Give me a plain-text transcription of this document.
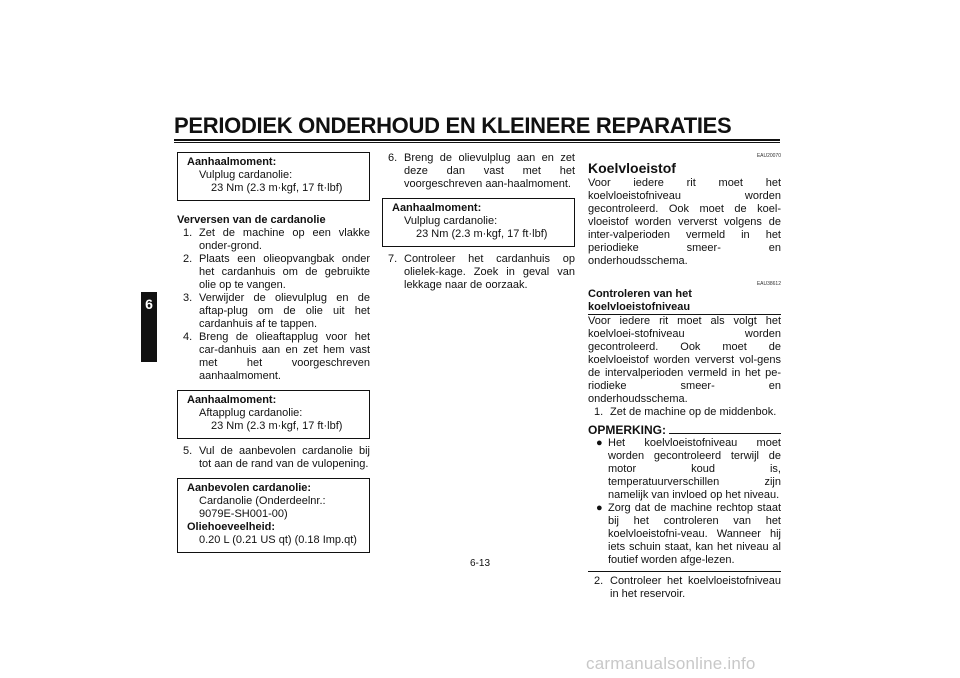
PERIODIEK ONDERHOUD EN KLEINERE REPARATIES
6
Aanhaalmoment:
Vulplug cardanolie:
23 Nm (2.3 m·kgf, 17 ft·lbf)
Verversen van de cardanolie
1. Zet de machine op een vlakke onder-grond.
2. Plaats een olieopvangbak onder het cardanhuis om de gebruikte olie op te vangen.
3. Verwijder de olievulplug en de aftap-plug om de olie uit het cardanhuis af te tappen.
4. Breng de olieaftapplug voor het car-danhuis aan en zet hem vast met het voorgeschreven aanhaalmoment.
Aanhaalmoment:
Aftapplug cardanolie:
23 Nm (2.3 m·kgf, 17 ft·lbf)
5. Vul de aanbevolen cardanolie bij tot aan de rand van de vulopening.
Aanbevolen cardanolie:
Cardanolie (Onderdeelnr.: 9079E-SH001-00)
Oliehoeveelheid:
0.20 L (0.21 US qt) (0.18 Imp.qt)
6. Breng de olievulplug aan en zet deze dan vast met het voorgeschreven aan-haalmoment.
Aanhaalmoment:
Vulplug cardanolie:
23 Nm (2.3 m·kgf, 17 ft·lbf)
7. Controleer het cardanhuis op olielek-kage. Zoek in geval van lekkage naar de oorzaak.
EAU20070
Koelvloeistof
Voor iedere rit moet het koelvloeistofniveau worden gecontroleerd. Ook moet de koel-vloeistof worden ververst volgens de inter-valperioden vermeld in het periodieke smeer- en onderhoudsschema.
EAU38612
Controleren van het koelvloeistofniveau
Voor iedere rit moet als volgt het koelvloei-stofniveau worden gecontroleerd. Ook moet de koelvloeistof worden ververst vol-gens de intervalperioden vermeld in het pe-riodieke smeer- en onderhoudsschema.
1. Zet de machine op de middenbok.
OPMERKING:
● Het koelvloeistofniveau moet worden gecontroleerd terwijl de motor koud is, temperatuurverschillen zijn namelijk van invloed op het niveau.
● Zorg dat de machine rechtop staat bij het controleren van het koelvloeistofni-veau. Wanneer hij iets schuin staat, kan het niveau al foutief worden afge-lezen.
2. Controleer het koelvloeistofniveau in het reservoir.
6-13
carmanualsonline.info
